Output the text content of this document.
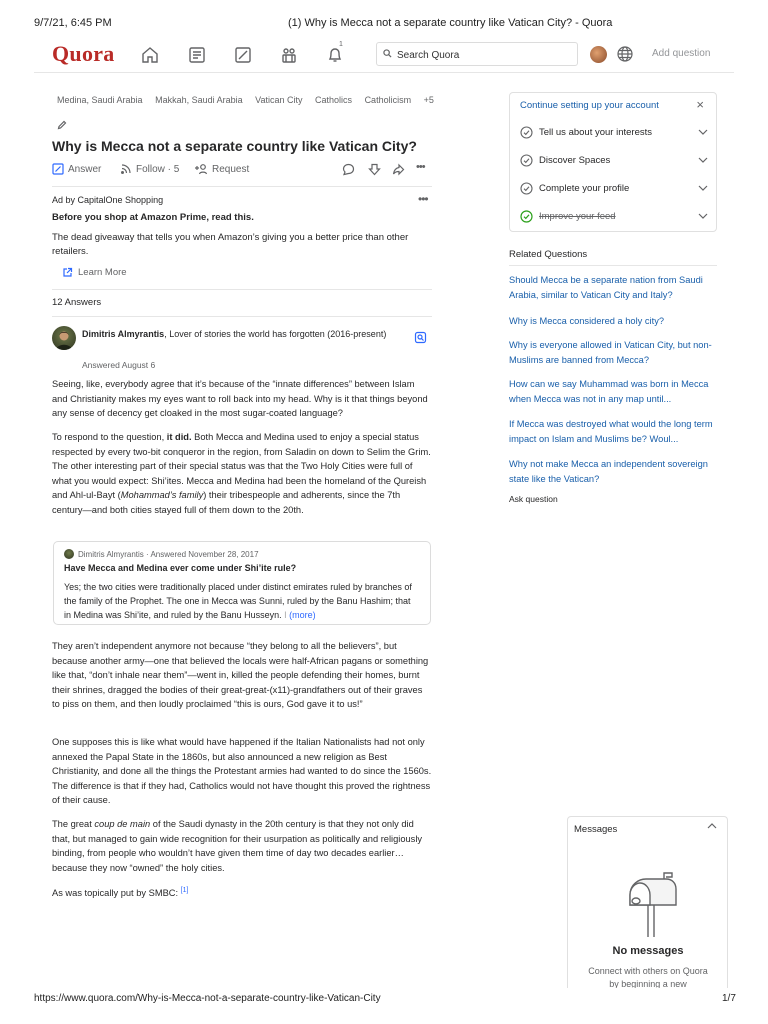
9/7/21, 6:45 PM	(1) Why is Mecca not a separate country like Vatican City? - Quora
https://www.quora.com/Why-is-Mecca-not-a-separate-country-like-Vatican-City	1/7
Quora	1
Search Quora
Add question
Medina, Saudi Arabia Makkah, Saudi Arabia Vatican City Catholics Catholicism +5
Why is Mecca not a separate country like Vatican City?
Answer	Follow · 5	Request	•••
Ad by CapitalOne Shopping	•••
Before you shop at Amazon Prime, read this.
The dead giveaway that tells you when Amazon’s giving you a better price than other retailers.
Learn More
12 Answers
Dimitris Almyrantis, Lover of stories the world has forgotten (2016-present)
Answered August 6
Seeing, like, everybody agree that it’s because of the “innate differences” between Islam and Christianity makes my eyes want to roll back into my head. Why is it that things beyond any sense of decency get cloaked in the most sugar-coated language?
To respond to the question, it did. Both Mecca and Medina used to enjoy a special status respected by every two-bit conqueror in the region, from Saladin on down to Selim the Grim. The other interesting part of their special status was that the Two Holy Cities were full of what you would expect: Shi’ites. Mecca and Medina had been the homeland of the Qureish and Ahl-ul-Bayt (Mohammad’s family) their tribespeople and adherents, since the 7th century—and both cities stayed full of them down to the 20th.
Dimitris Almyrantis · Answered November 28, 2017
Have Mecca and Medina ever come under Shi’ite rule?
Yes; the two cities were traditionally placed under distinct emirates ruled by branches of the family of the Prophet. The one in Mecca was Sunni, ruled by the Banu Hashim; that in Medina was Shi’ite, and ruled by the Banu Husseyn. I (more)
They aren’t independent anymore not because “they belong to all the believers”, but because another army—one that believed the locals were half-African pagans or something like that, “don’t inhale near them”—went in, killed the people defending their homes, burnt their shrines, dragged the bodies of their great-great-(x11)-grandfathers out of their graves to piss on them, and then loudly proclaimed “this is ours, God gave it to us!”
One supposes this is like what would have happened if the Italian Nationalists had not only annexed the Papal State in the 1860s, but also announced a new religion as Best Christianity, and done all the things the Protestant armies had wanted to do since the 1560s. The difference is that if they had, Catholics would not have thought this proved the rightness of their cause.
The great coup de main of the Saudi dynasty in the 20th century is that they not only did that, but managed to gain wide recognition for their usurpation as politically and religiously binding, from people who wouldn’t have given them time of day two decades earlier… because they now “owned” the holy cities.
As was topically put by SMBC: [1]
Continue setting up your account	×
Tell us about your interests
Discover Spaces
Complete your profile
Improve your feed
Related Questions
Should Mecca be a separate nation from Saudi Arabia, similar to Vatican City and Italy?
Why is Mecca considered a holy city?
Why is everyone allowed in Vatican City, but non-Muslims are banned from Mecca?
How can we say Muhammad was born in Mecca when Mecca was not in any map until...
If Mecca was destroyed what would the long term impact on Islam and Muslims be? Woul...
Why not make Mecca an independent sovereign state like the Vatican?
Ask question
Messages
No messages
Connect with others on Quora by beginning a new
